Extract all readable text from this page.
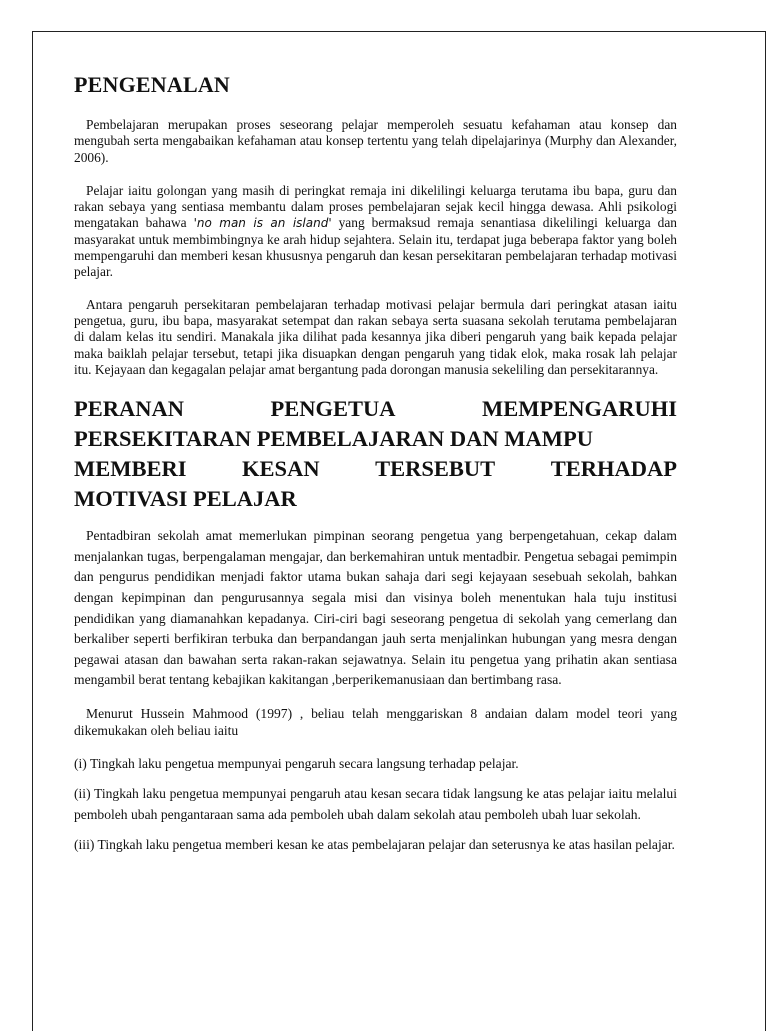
PENGENALAN

Pembelajaran merupakan proses seseorang pelajar memperoleh sesuatu kefahaman atau konsep dan mengubah serta mengabaikan kefahaman atau konsep tertentu yang telah dipelajarinya (Murphy dan Alexander, 2006).

Pelajar iaitu golongan yang masih di peringkat remaja ini dikelilingi keluarga terutama ibu bapa, guru dan rakan sebaya yang sentiasa membantu dalam proses pembelajaran sejak kecil hingga dewasa. Ahli psikologi mengatakan bahawa 'no man is an island' yang bermaksud remaja senantiasa dikelilingi keluarga dan masyarakat untuk membimbingnya ke arah hidup sejahtera. Selain itu, terdapat juga beberapa faktor yang boleh mempengaruhi dan memberi kesan khususnya pengaruh dan kesan persekitaran pembelajaran terhadap motivasi pelajar.

Antara pengaruh persekitaran pembelajaran terhadap motivasi pelajar bermula dari peringkat atasan iaitu pengetua, guru, ibu bapa, masyarakat setempat dan rakan sebaya serta suasana sekolah terutama pembelajaran di dalam kelas itu sendiri. Manakala jika dilihat pada kesannya jika diberi pengaruh yang baik kepada pelajar maka baiklah pelajar tersebut, tetapi jika disuapkan dengan pengaruh yang tidak elok, maka rosak lah pelajar itu. Kejayaan dan kegagalan pelajar amat bergantung pada dorongan manusia sekeliling dan persekitarannya.

PERANAN	PENGETUA	MEMPENGARUHI
PERSEKITARAN PEMBELAJARAN DAN MAMPU
MEMBERI KESAN TERSEBUT TERHADAP
MOTIVASI PELAJAR

Pentadbiran sekolah amat memerlukan pimpinan seorang pengetua yang berpengetahuan, cekap dalam menjalankan tugas, berpengalaman mengajar, dan berkemahiran untuk mentadbir. Pengetua sebagai pemimpin dan pengurus pendidikan menjadi faktor utama bukan sahaja dari segi kejayaan sesebuah sekolah, bahkan dengan kepimpinan dan pengurusannya segala misi dan visinya boleh menentukan hala tuju institusi pendidikan yang diamanahkan kepadanya. Ciri-ciri bagi seseorang pengetua di sekolah yang cemerlang dan berkaliber seperti berfikiran terbuka dan berpandangan jauh serta menjalinkan hubungan yang mesra dengan pegawai atasan dan bawahan serta rakan-rakan sejawatnya. Selain itu pengetua yang prihatin akan sentiasa mengambil berat tentang kebajikan kakitangan ,berperikemanusiaan dan bertimbang rasa.

Menurut Hussein Mahmood (1997) , beliau telah menggariskan 8 andaian dalam model teori yang dikemukakan oleh beliau iaitu

(i) Tingkah laku pengetua mempunyai pengaruh secara langsung terhadap pelajar.

(ii) Tingkah laku pengetua mempunyai pengaruh atau kesan secara tidak langsung ke atas pelajar iaitu melalui pemboleh ubah pengantaraan sama ada pemboleh ubah dalam sekolah atau pemboleh ubah luar sekolah.

(iii) Tingkah laku pengetua memberi kesan ke atas pembelajaran pelajar dan seterusnya ke atas hasilan pelajar.
